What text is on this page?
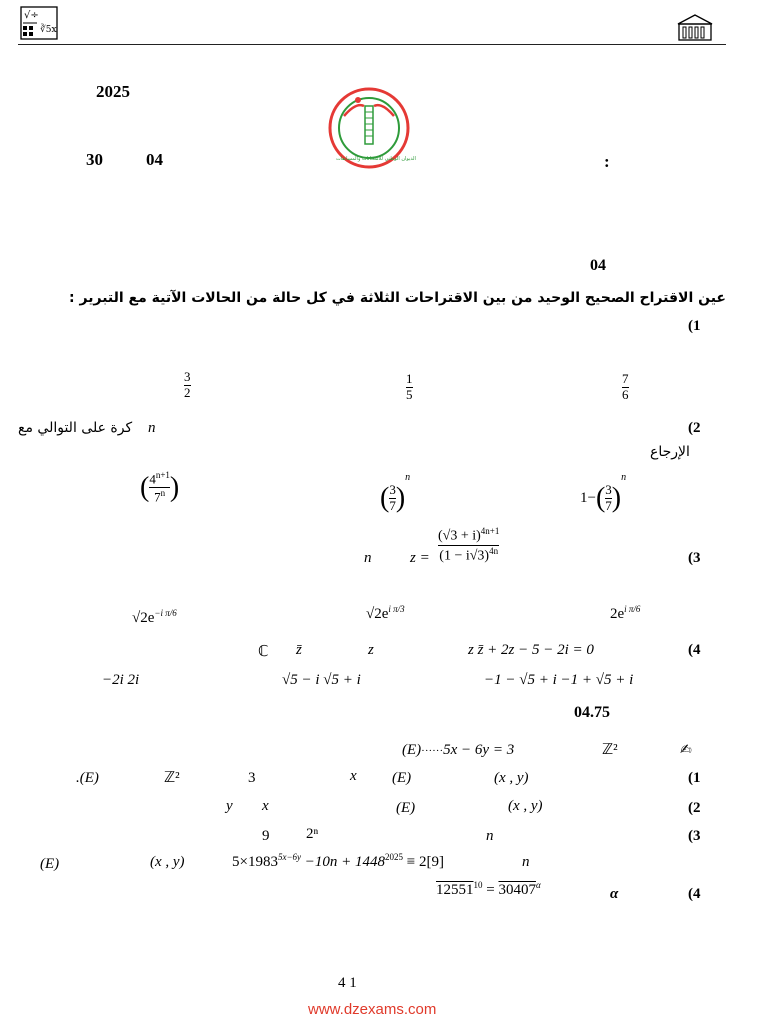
√÷
∛5x
2025
30	04	:
الديوان الوطني للامتحانات والمسابقات
04
عين الاقتراح الصحيح الوحيد من بين الاقتراحات الثلاثة في كل حالة من الحالات الآتية مع التبرير :
(1
$\frac{3}{2}$	$\frac{1}{5}$	$\frac{7}{6}$
(2
n
كرة على التوالي مع
الإرجاع
( $\frac{4^{n+1}}{7^n}$ )	( $\frac{3}{7} )^n$
$1-( \frac{3}{7} )^n$
(3
n	$z = \frac{(√3 + i)^{4n+1}}{(1 - i√3)^{4n}}$
$√2e^{-i \pi/6}$	$√2e^{i \pi/3}$	$2e^{i \pi/6}$
(4
ℂ z̄	z	z z̄ + 2z − 5 − 2i = 0
−2i 2i	√5 − i √5 + i	−1 − √5 + i −1 + √5 + i
04.75
(E)······5x − 6y = 3	ℤ²	✍
(1
.(E)	ℤ²	3	x (E)	(x , y)
(2
y x	(E)	(x , y)
(3
9 2ⁿ	n
(E)	(x , y)	$5\times 1983^{5x-6y} -10n + 1448^{2025} \equiv 2[9]$	n
(4
$12551^{10} = 30407^\alpha$
α
4 1
www.dzexams.com
